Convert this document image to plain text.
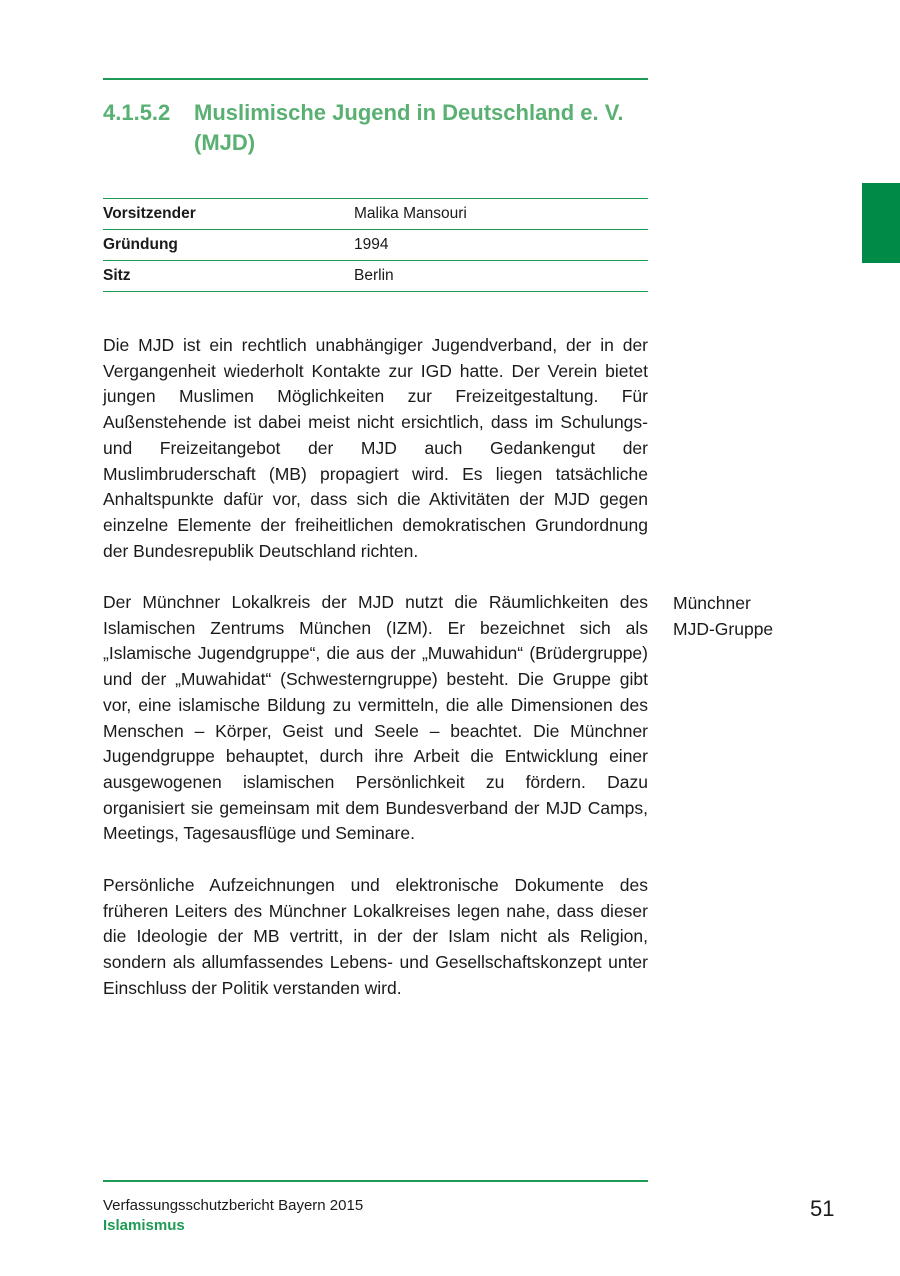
4.1.5.2	Muslimische Jugend in Deutschland e. V. (MJD)
Vorsitzender	Malika Mansouri
Gründung	1994
Sitz	Berlin

Die MJD ist ein rechtlich unabhängiger Jugendverband, der in der Vergangenheit wiederholt Kontakte zur IGD hatte. Der Verein bietet jungen Muslimen Möglichkeiten zur Freizeitgestaltung. Für Außenstehende ist dabei meist nicht ersichtlich, dass im Schulungs- und Freizeitangebot der MJD auch Gedankengut der Muslimbruderschaft (MB) propagiert wird. Es liegen tatsächliche Anhaltspunkte dafür vor, dass sich die Aktivitäten der MJD gegen einzelne Elemente der freiheitlichen demokratischen Grundordnung der Bundesrepublik Deutschland richten.

Der Münchner Lokalkreis der MJD nutzt die Räumlichkeiten des Islamischen Zentrums München (IZM). Er bezeichnet sich als „Islamische Jugendgruppe“, die aus der „Muwahidun“ (Brüdergruppe) und der „Muwahidat“ (Schwesterngruppe) besteht. Die Gruppe gibt vor, eine islamische Bildung zu vermitteln, die alle Dimensionen des Menschen – Körper, Geist und Seele – beachtet. Die Münchner Jugendgruppe behauptet, durch ihre Arbeit die Entwicklung einer ausgewogenen islamischen Persönlichkeit zu fördern. Dazu organisiert sie gemeinsam mit dem Bundesverband der MJD Camps, Meetings, Tagesausflüge und Seminare.

Persönliche Aufzeichnungen und elektronische Dokumente des früheren Leiters des Münchner Lokalkreises legen nahe, dass dieser die Ideologie der MB vertritt, in der der Islam nicht als Religion, sondern als allumfassendes Lebens- und Gesellschaftskonzept unter Einschluss der Politik verstanden wird.

Münchner
MJD-Gruppe
Verfassungsschutzbericht Bayern 2015
Islamismus
51
